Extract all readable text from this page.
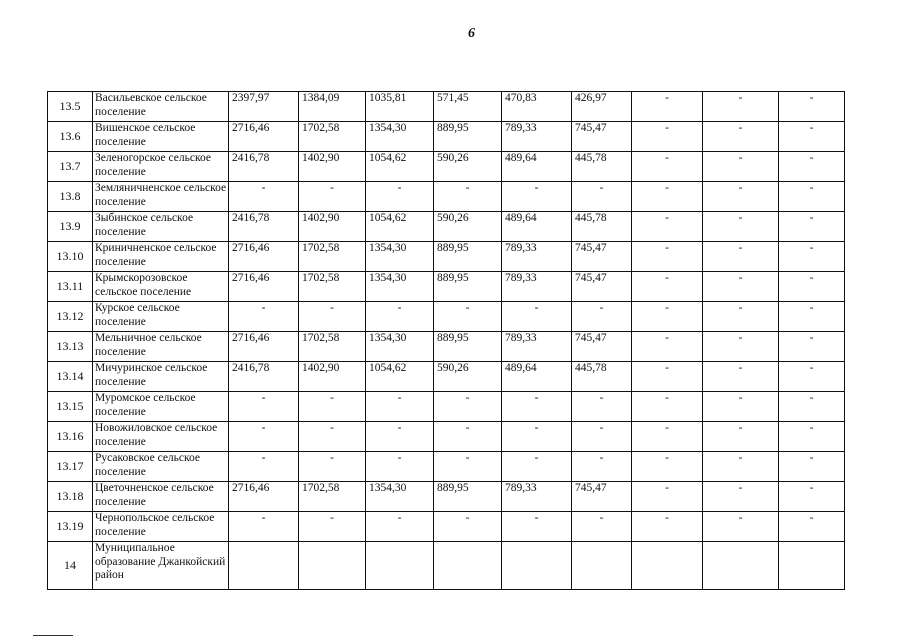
6
13.5	Васильевское сельское поселение	2397,97	1384,09	1035,81	571,45	470,83	426,97	-	-	-
13.6	Вишенское сельское поселение	2716,46	1702,58	1354,30	889,95	789,33	745,47	-	-	-
13.7	Зеленогорское сельское поселение	2416,78	1402,90	1054,62	590,26	489,64	445,78	-	-	-
13.8	Земляничненское сельское поселение	-	-	-	-	-	-	-	-	-
13.9	Зыбинское сельское поселение	2416,78	1402,90	1054,62	590,26	489,64	445,78	-	-	-
13.10	Криничненское сельское поселение	2716,46	1702,58	1354,30	889,95	789,33	745,47	-	-	-
13.11	Крымскорозовское сельское поселение	2716,46	1702,58	1354,30	889,95	789,33	745,47	-	-	-
13.12	Курское сельское поселение	-	-	-	-	-	-	-	-	-
13.13	Мельничное сельское поселение	2716,46	1702,58	1354,30	889,95	789,33	745,47	-	-	-
13.14	Мичуринское сельское поселение	2416,78	1402,90	1054,62	590,26	489,64	445,78	-	-	-
13.15	Муромское сельское поселение	-	-	-	-	-	-	-	-	-
13.16	Новожиловское сельское поселение	-	-	-	-	-	-	-	-	-
13.17	Русаковское сельское поселение	-	-	-	-	-	-	-	-	-
13.18	Цветочненское сельское поселение	2716,46	1702,58	1354,30	889,95	789,33	745,47	-	-	-
13.19	Чернопольское сельское поселение	-	-	-	-	-	-	-	-	-
14	Муниципальное образование Джанкойский район									
